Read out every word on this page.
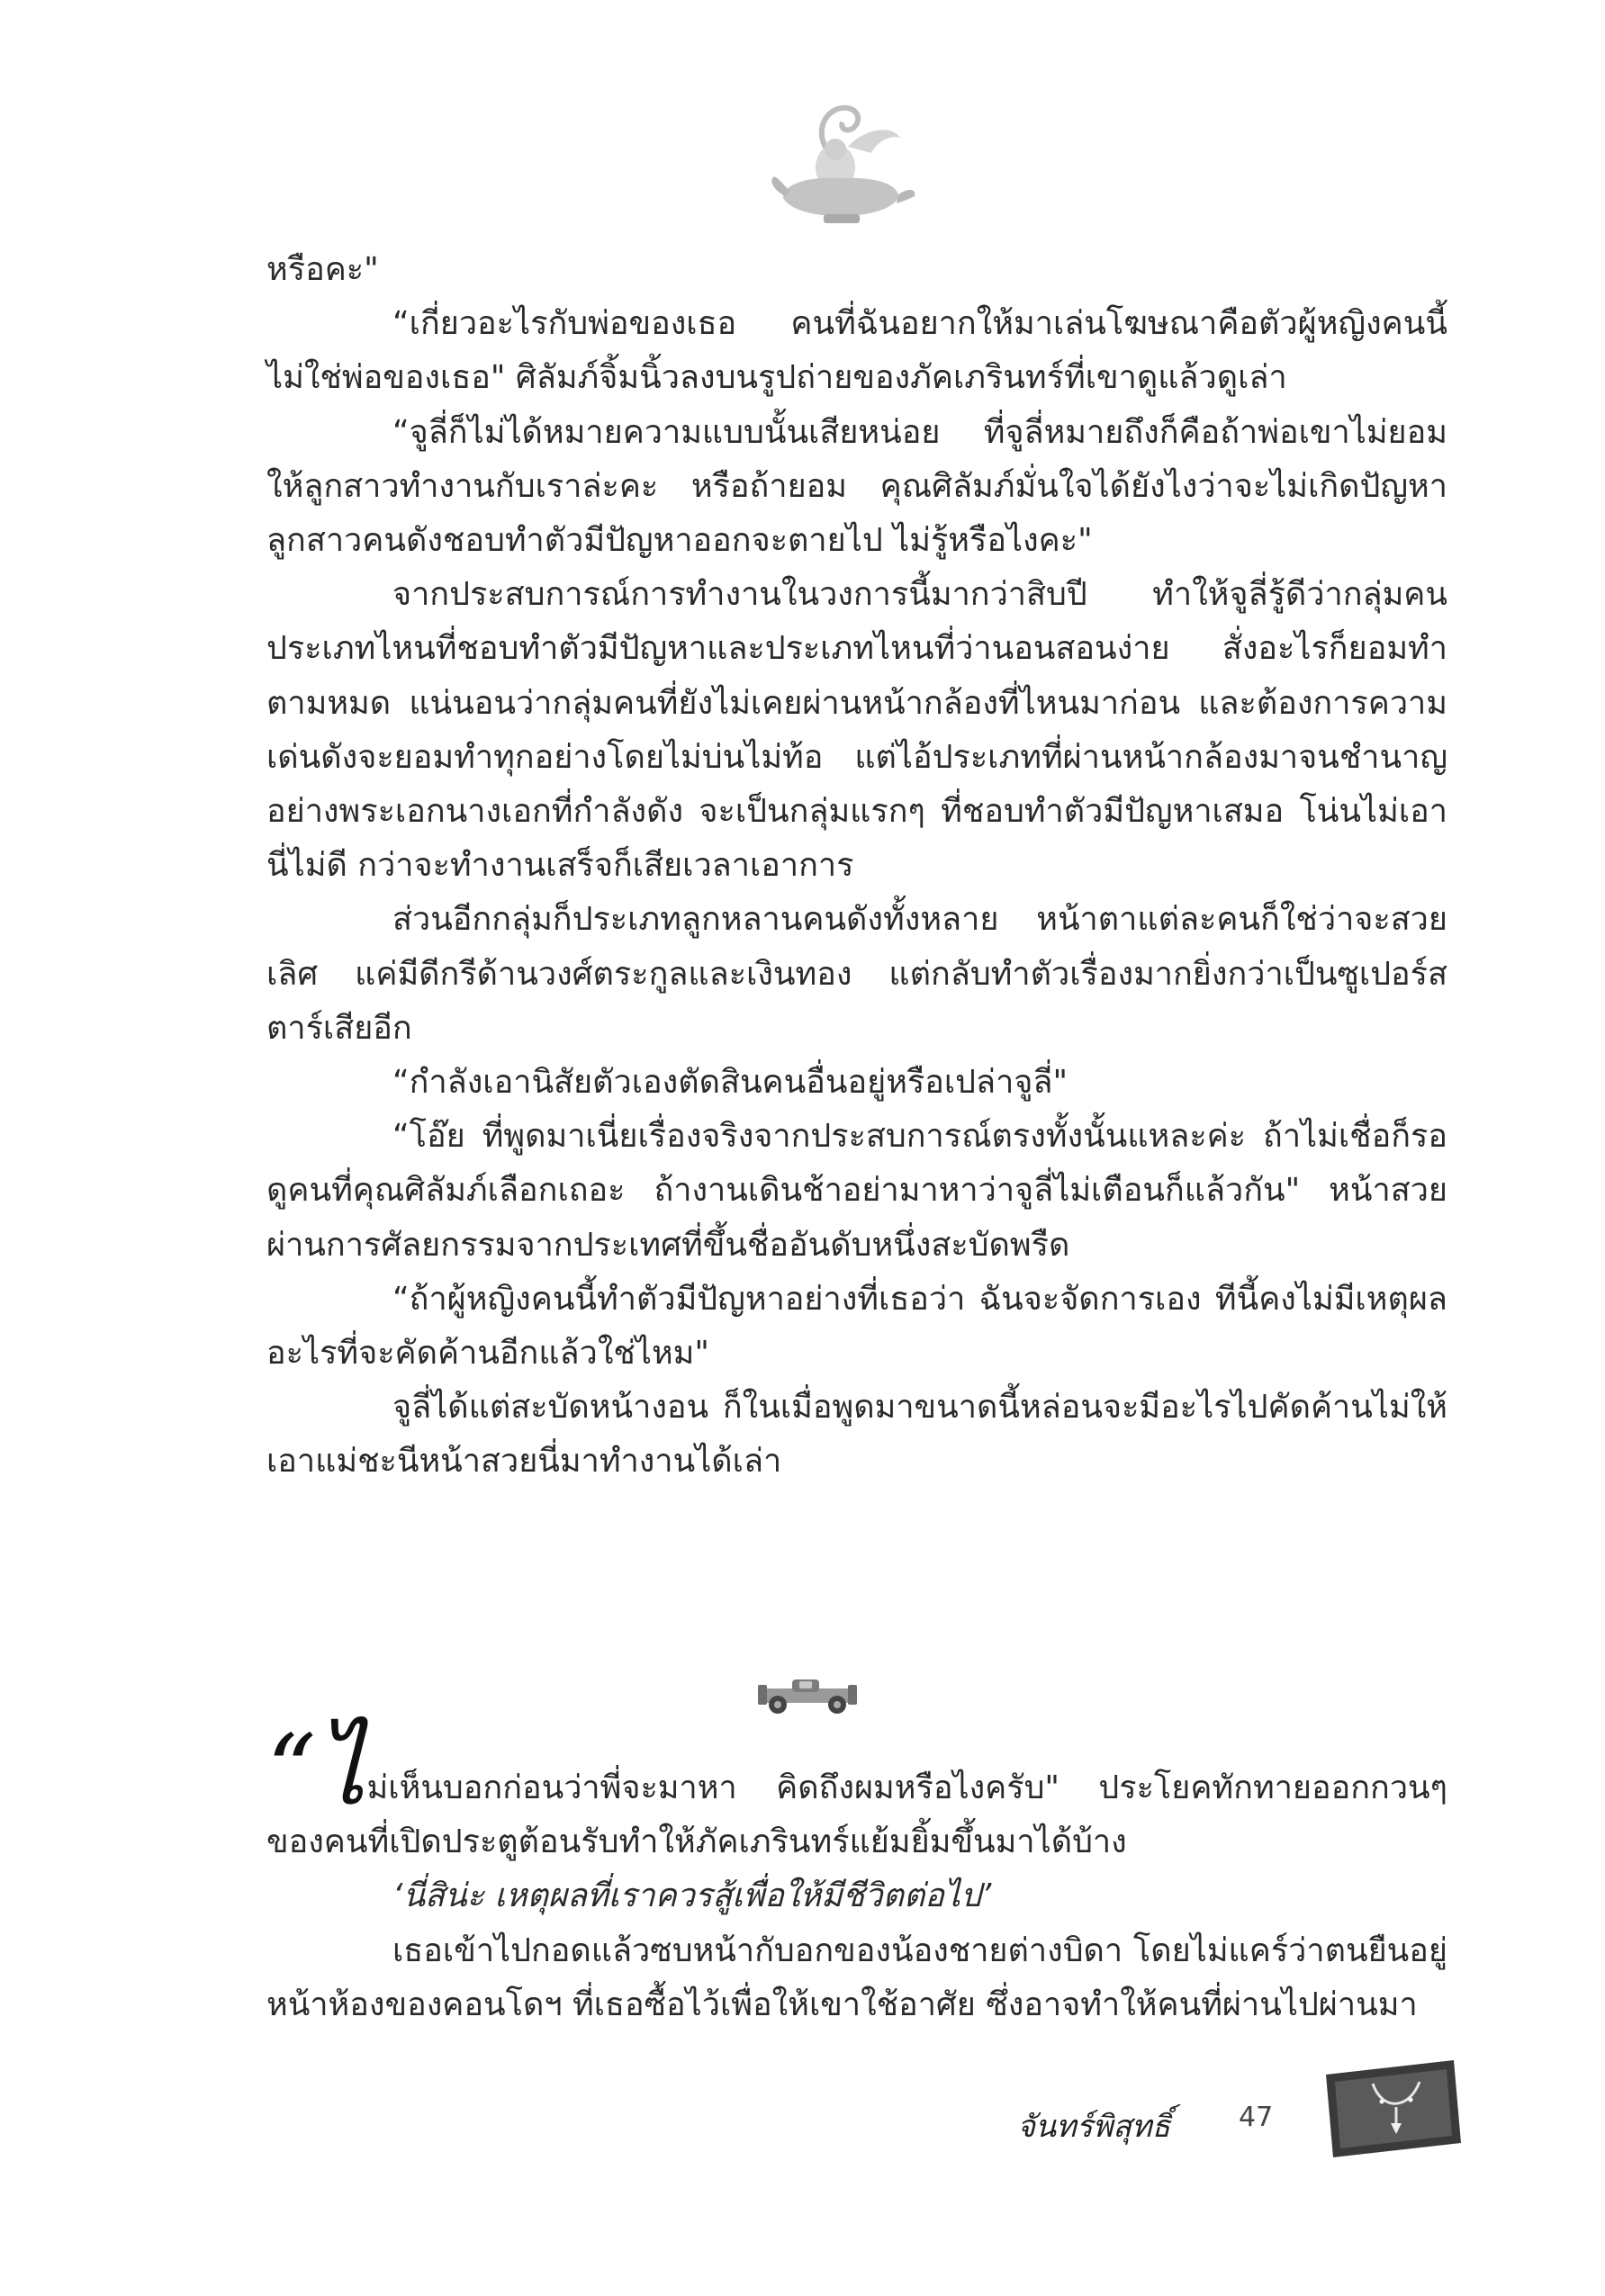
หรือคะ"

“เกี่ยวอะไรกับพ่อของเธอ คนที่ฉันอยากให้มาเล่นโฆษณาคือตัวผู้หญิงคนนี้ ไม่ใช่พ่อของเธอ" ศิลัมภ์จิ้มนิ้วลงบนรูปถ่ายของภัคเภรินทร์ที่เขาดูแล้วดูเล่า

“จูลี่ก็ไม่ได้หมายความแบบนั้นเสียหน่อย ที่จูลี่หมายถึงก็คือถ้าพ่อเขาไม่ยอมให้ลูกสาวทำงานกับเราล่ะคะ หรือถ้ายอม คุณศิลัมภ์มั่นใจได้ยังไงว่าจะไม่เกิดปัญหา ลูกสาวคนดังชอบทำตัวมีปัญหาออกจะตายไป ไม่รู้หรือไงคะ"

จากประสบการณ์การทำงานในวงการนี้มากว่าสิบปี ทำให้จูลี่รู้ดีว่ากลุ่มคนประเภทไหนที่ชอบทำตัวมีปัญหาและประเภทไหนที่ว่านอนสอนง่าย สั่งอะไรก็ยอมทำตามหมด แน่นอนว่ากลุ่มคนที่ยังไม่เคยผ่านหน้ากล้องที่ไหนมาก่อน และต้องการความเด่นดังจะยอมทำทุกอย่างโดยไม่บ่นไม่ท้อ แต่ไอ้ประเภทที่ผ่านหน้ากล้องมาจนชำนาญอย่างพระเอกนางเอกที่กำลังดัง จะเป็นกลุ่มแรกๆ ที่ชอบทำตัวมีปัญหาเสมอ โน่นไม่เอา นี่ไม่ดี กว่าจะทำงานเสร็จก็เสียเวลาเอาการ

ส่วนอีกกลุ่มก็ประเภทลูกหลานคนดังทั้งหลาย หน้าตาแต่ละคนก็ใช่ว่าจะสวยเลิศ แค่มีดีกรีด้านวงศ์ตระกูลและเงินทอง แต่กลับทำตัวเรื่องมากยิ่งกว่าเป็นซูเปอร์สตาร์เสียอีก

“กำลังเอานิสัยตัวเองตัดสินคนอื่นอยู่หรือเปล่าจูลี่"

“โอ๊ย ที่พูดมาเนี่ยเรื่องจริงจากประสบการณ์ตรงทั้งนั้นแหละค่ะ ถ้าไม่เชื่อก็รอดูคนที่คุณศิลัมภ์เลือกเถอะ ถ้างานเดินช้าอย่ามาหาว่าจูลี่ไม่เตือนก็แล้วกัน" หน้าสวยผ่านการศัลยกรรมจากประเทศที่ขึ้นชื่ออันดับหนึ่งสะบัดพรืด

“ถ้าผู้หญิงคนนี้ทำตัวมีปัญหาอย่างที่เธอว่า ฉันจะจัดการเอง ทีนี้คงไม่มีเหตุผลอะไรที่จะคัดค้านอีกแล้วใช่ไหม"

จูลี่ได้แต่สะบัดหน้างอน ก็ในเมื่อพูดมาขนาดนี้หล่อนจะมีอะไรไปคัดค้านไม่ให้เอาแม่ชะนีหน้าสวยนี่มาทำงานได้เล่า

“ไม่เห็นบอกก่อนว่าพี่จะมาหา คิดถึงผมหรือไงครับ" ประโยคทักทายออกกวนๆ ของคนที่เปิดประตูต้อนรับทำให้ภัคเภรินทร์แย้มยิ้มขึ้นมาได้บ้าง

‘นี่สิน่ะ เหตุผลที่เราควรสู้เพื่อให้มีชีวิตต่อไป’

เธอเข้าไปกอดแล้วซบหน้ากับอกของน้องชายต่างบิดา โดยไม่แคร์ว่าตนยืนอยู่หน้าห้องของคอนโดฯ ที่เธอซื้อไว้เพื่อให้เขาใช้อาศัย ซึ่งอาจทำให้คนที่ผ่านไปผ่านมา

จันทร์พิสุทธิ์	47
